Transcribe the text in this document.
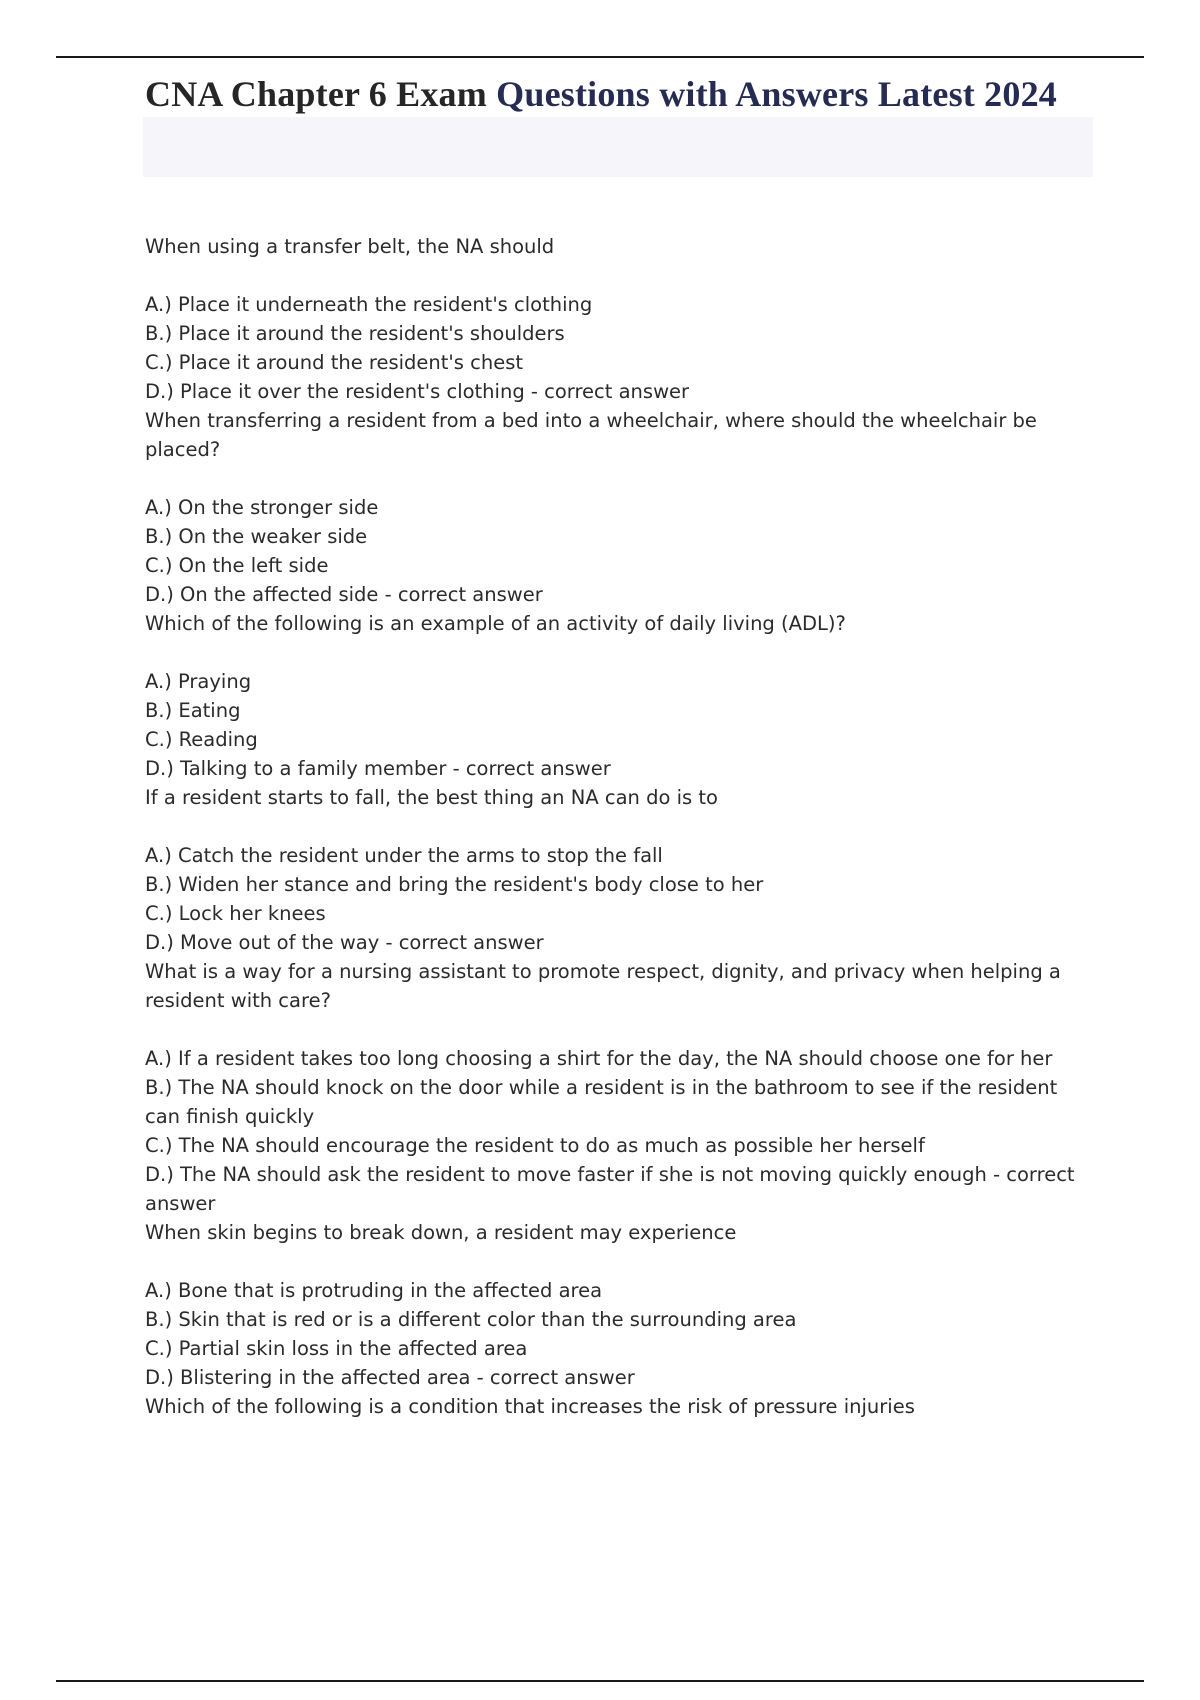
CNA Chapter 6 Exam Questions with Answers Latest 2024

When using a transfer belt, the NA should

A.) Place it underneath the resident's clothing
B.) Place it around the resident's shoulders
C.) Place it around the resident's chest
D.) Place it over the resident's clothing - correct answer

When transferring a resident from a bed into a wheelchair, where should the wheelchair be placed?

A.) On the stronger side
B.) On the weaker side
C.) On the left side
D.) On the affected side - correct answer

Which of the following is an example of an activity of daily living (ADL)?

A.) Praying
B.) Eating
C.) Reading
D.) Talking to a family member - correct answer

If a resident starts to fall, the best thing an NA can do is to

A.) Catch the resident under the arms to stop the fall
B.) Widen her stance and bring the resident's body close to her
C.) Lock her knees
D.) Move out of the way - correct answer

What is a way for a nursing assistant to promote respect, dignity, and privacy when helping a resident with care?

A.) If a resident takes too long choosing a shirt for the day, the NA should choose one for her
B.) The NA should knock on the door while a resident is in the bathroom to see if the resident can finish quickly
C.) The NA should encourage the resident to do as much as possible her herself
D.) The NA should ask the resident to move faster if she is not moving quickly enough - correct answer

When skin begins to break down, a resident may experience

A.) Bone that is protruding in the affected area
B.) Skin that is red or is a different color than the surrounding area
C.) Partial skin loss in the affected area
D.) Blistering in the affected area - correct answer

Which of the following is a condition that increases the risk of pressure injuries
